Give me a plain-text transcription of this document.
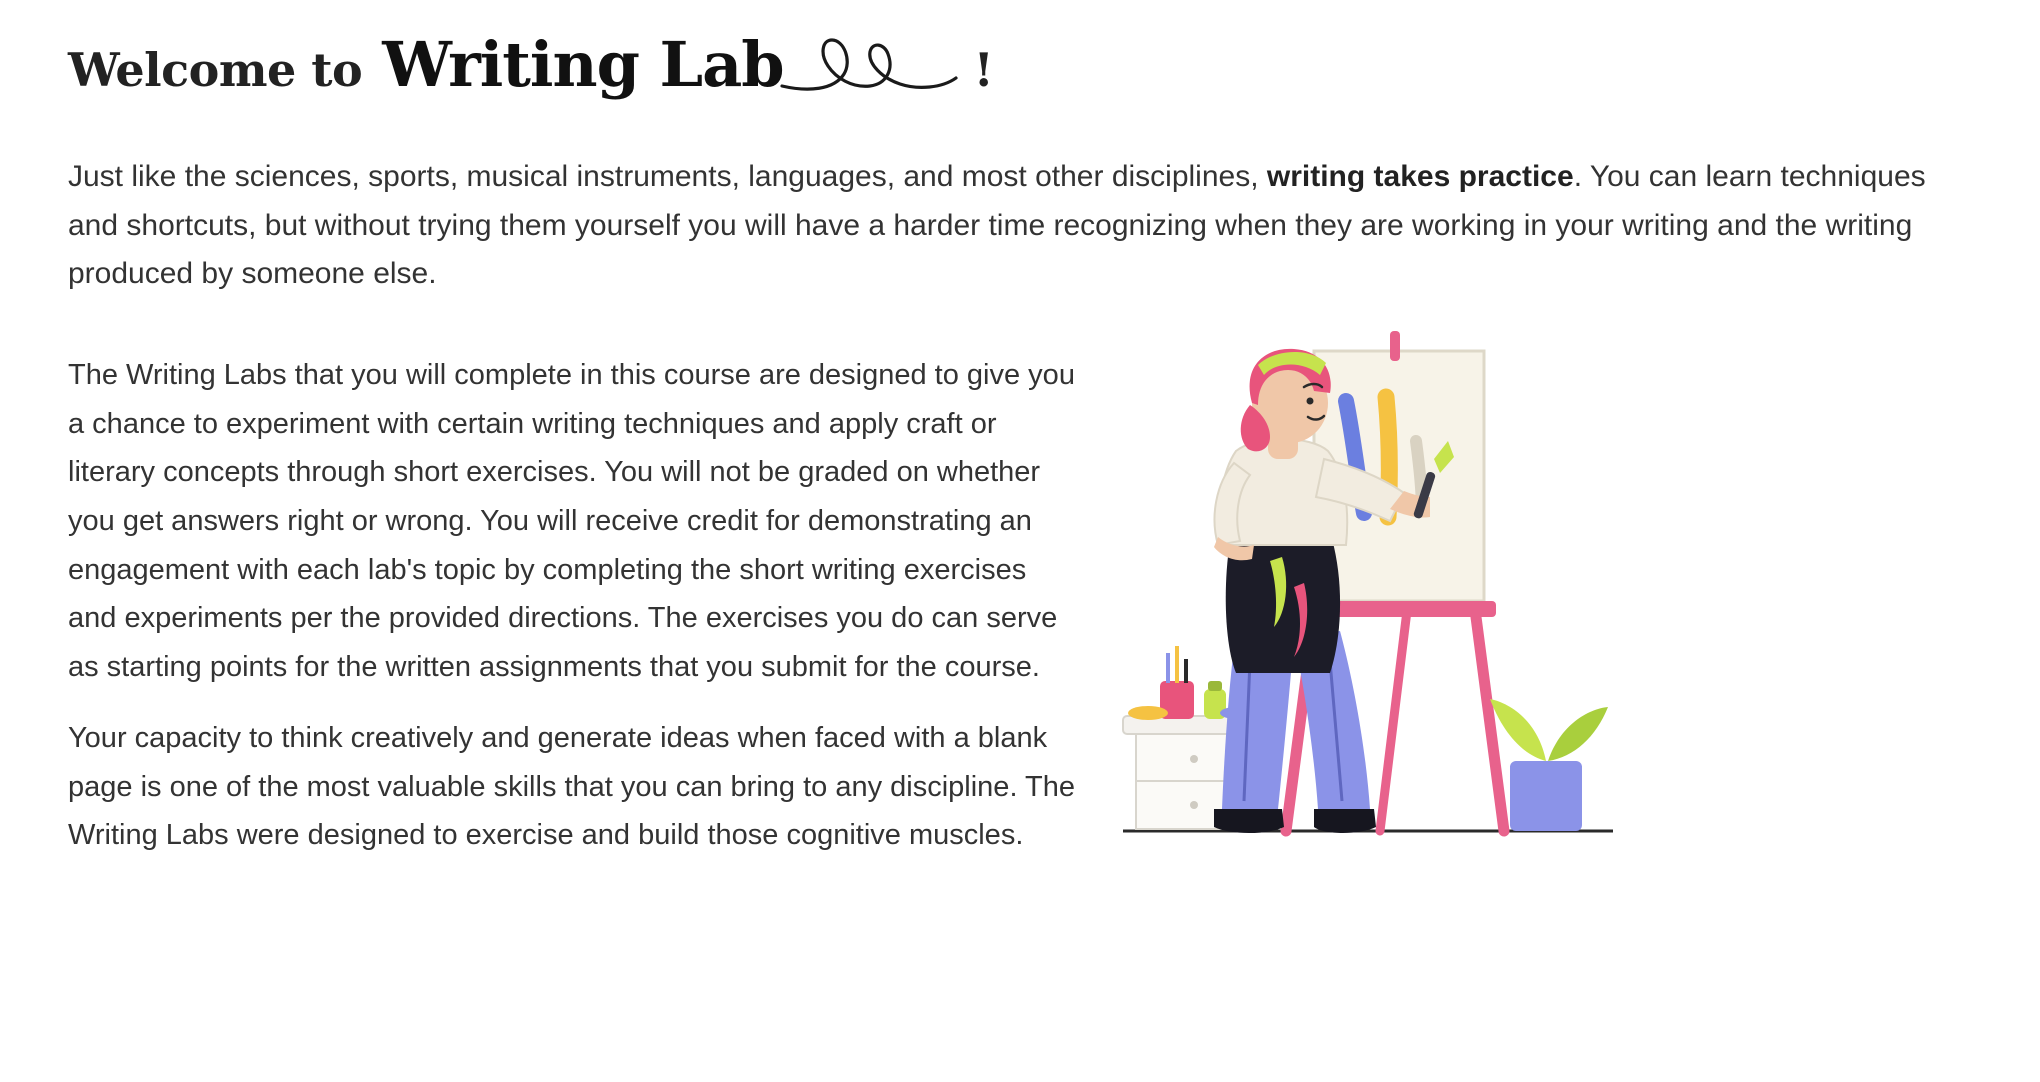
Welcome to Writing Lab	!
Just like the sciences, sports, musical instruments, languages, and most other disciplines, writing takes practice. You can learn techniques and shortcuts, but without trying them yourself you will have a harder time recognizing when they are working in your writing and the writing produced by someone else.

The Writing Labs that you will complete in this course are designed to give you a chance to experiment with certain writing techniques and apply craft or literary concepts through short exercises. You will not be graded on whether you get answers right or wrong. You will receive credit for demonstrating an engagement with each lab's topic by completing the short writing exercises and experiments per the provided directions. The exercises you do can serve as starting points for the written assignments that you submit for the course.

Your capacity to think creatively and generate ideas when faced with a blank page is one of the most valuable skills that you can bring to any discipline. The Writing Labs were designed to exercise and build those cognitive muscles.
